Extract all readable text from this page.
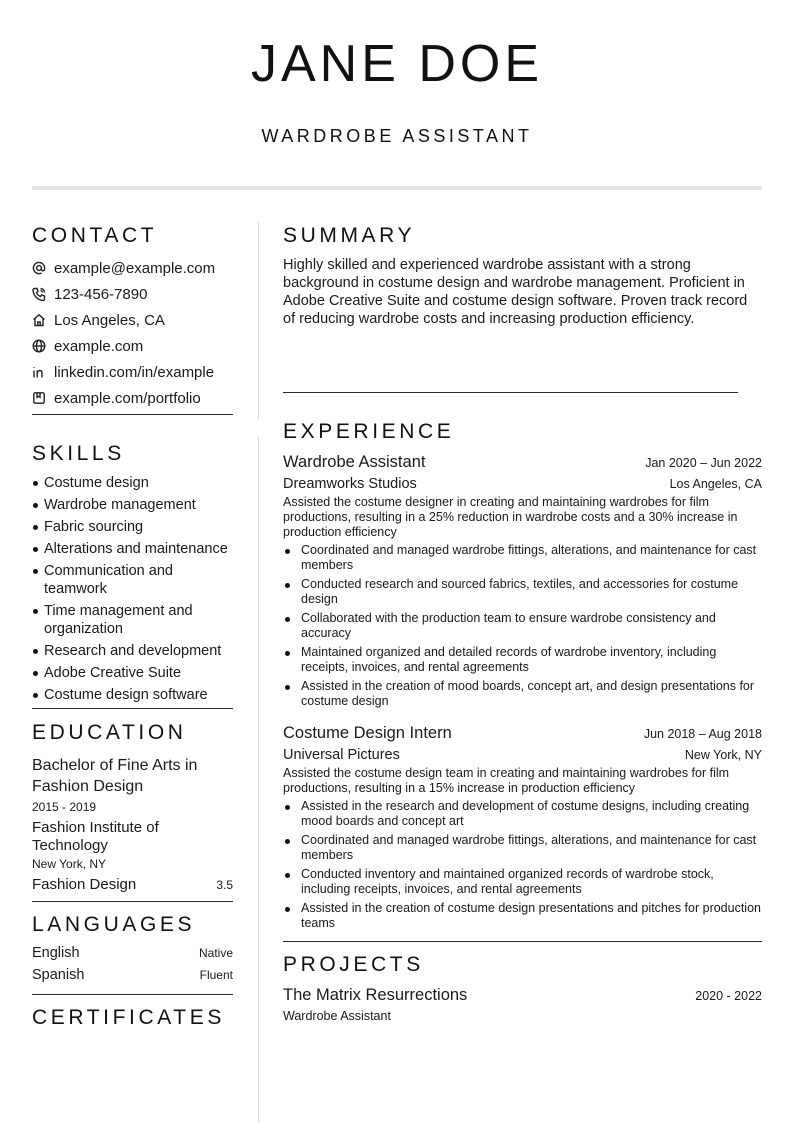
JANE DOE
WARDROBE ASSISTANT
CONTACT
example@example.com
123-456-7890
Los Angeles, CA
example.com
linkedin.com/in/example
example.com/portfolio
SKILLS
Costume design
Wardrobe management
Fabric sourcing
Alterations and maintenance
Communication and teamwork
Time management and organization
Research and development
Adobe Creative Suite
Costume design software
EDUCATION
Bachelor of Fine Arts in Fashion Design
2015 - 2019
Fashion Institute of Technology
New York, NY
Fashion Design	3.5
LANGUAGES
English	Native
Spanish	Fluent
CERTIFICATES
SUMMARY
Highly skilled and experienced wardrobe assistant with a strong background in costume design and wardrobe management. Proficient in Adobe Creative Suite and costume design software. Proven track record of reducing wardrobe costs and increasing production efficiency.
EXPERIENCE
Wardrobe Assistant	Jan 2020 – Jun 2022
Dreamworks Studios	Los Angeles, CA
Assisted the costume designer in creating and maintaining wardrobes for film productions, resulting in a 25% reduction in wardrobe costs and a 30% increase in production efficiency
Coordinated and managed wardrobe fittings, alterations, and maintenance for cast members
Conducted research and sourced fabrics, textiles, and accessories for costume design
Collaborated with the production team to ensure wardrobe consistency and accuracy
Maintained organized and detailed records of wardrobe inventory, including receipts, invoices, and rental agreements
Assisted in the creation of mood boards, concept art, and design presentations for costume design
Costume Design Intern	Jun 2018 – Aug 2018
Universal Pictures	New York, NY
Assisted the costume design team in creating and maintaining wardrobes for film productions, resulting in a 15% increase in production efficiency
Assisted in the research and development of costume designs, including creating mood boards and concept art
Coordinated and managed wardrobe fittings, alterations, and maintenance for cast members
Conducted inventory and maintained organized records of wardrobe stock, including receipts, invoices, and rental agreements
Assisted in the creation of costume design presentations and pitches for production teams
PROJECTS
The Matrix Resurrections	2020 - 2022
Wardrobe Assistant
